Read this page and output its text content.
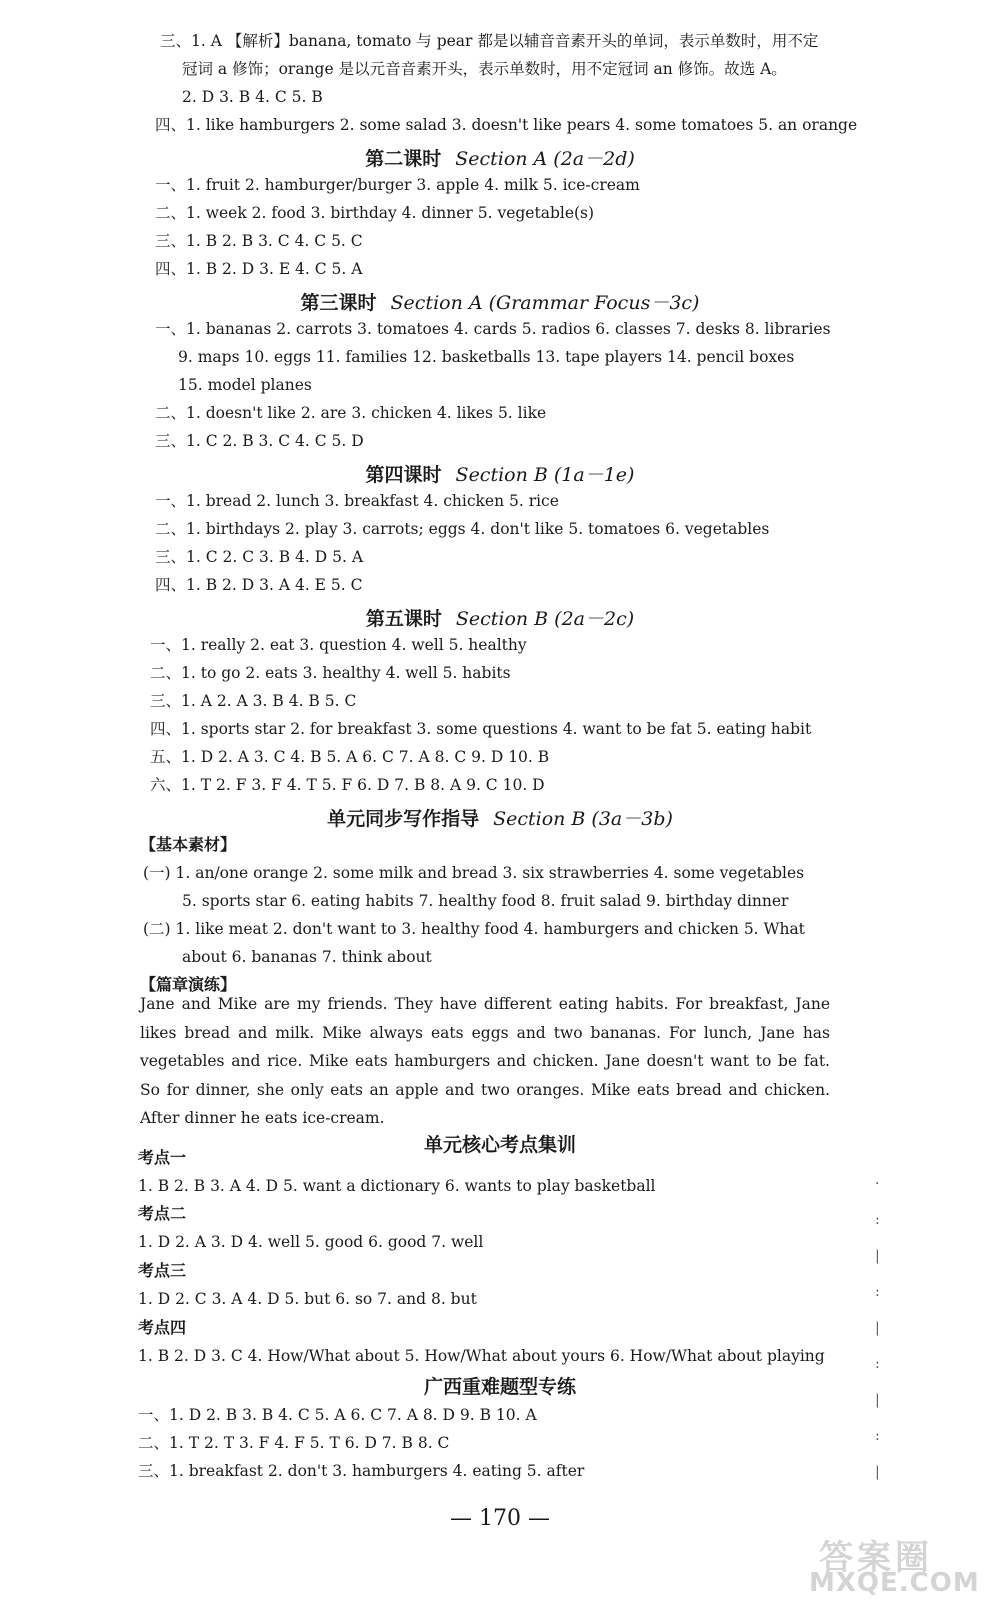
三、1. A 【解析】banana, tomato 与 pear 都是以辅音音素开头的单词，表示单数时，用不定
冠词 a 修饰；orange 是以元音音素开头，表示单数时，用不定冠词 an 修饰。故选 A。
2. D 3. B 4. C 5. B
四、1. like hamburgers 2. some salad 3. doesn't like pears 4. some tomatoes 5. an orange
一、1. fruit 2. hamburger/burger 3. apple 4. milk 5. ice-cream
二、1. week 2. food 3. birthday 4. dinner 5. vegetable(s)
三、1. B 2. B 3. C 4. C 5. C
四、1. B 2. D 3. E 4. C 5. A
一、1. bananas 2. carrots 3. tomatoes 4. cards 5. radios 6. classes 7. desks 8. libraries
9. maps 10. eggs 11. families 12. basketballs 13. tape players 14. pencil boxes
15. model planes
二、1. doesn't like 2. are 3. chicken 4. likes 5. like
三、1. C 2. B 3. C 4. C 5. D
一、1. bread 2. lunch 3. breakfast 4. chicken 5. rice
二、1. birthdays 2. play 3. carrots; eggs 4. don't like 5. tomatoes 6. vegetables
三、1. C 2. C 3. B 4. D 5. A
四、1. B 2. D 3. A 4. E 5. C
一、1. really 2. eat 3. question 4. well 5. healthy
二、1. to go 2. eats 3. healthy 4. well 5. habits
三、1. A 2. A 3. B 4. B 5. C
四、1. sports star 2. for breakfast 3. some questions 4. want to be fat 5. eating habit
五、1. D 2. A 3. C 4. B 5. A 6. C 7. A 8. C 9. D 10. B
六、1. T 2. F 3. F 4. T 5. F 6. D 7. B 8. A 9. C 10. D
(一) 1. an/one orange 2. some milk and bread 3. six strawberries 4. some vegetables
5. sports star 6. eating habits 7. healthy food 8. fruit salad 9. birthday dinner
(二) 1. like meat 2. don't want to 3. healthy food 4. hamburgers and chicken 5. What
about 6. bananas 7. think about
1. B 2. B 3. A 4. D 5. want a dictionary 6. wants to play basketball
1. D 2. A 3. D 4. well 5. good 6. good 7. well
1. D 2. C 3. A 4. D 5. but 6. so 7. and 8. but
1. B 2. D 3. C 4. How/What about 5. How/What about yours 6. How/What about playing
一、1. D 2. B 3. B 4. C 5. A 6. C 7. A 8. D 9. B 10. A
二、1. T 2. T 3. F 4. F 5. T 6. D 7. B 8. C
三、1. breakfast 2. don't 3. hamburgers 4. eating 5. after
第二课时 Section A (2a－2d)
第三课时 Section A (Grammar Focus－3c)
第四课时 Section B (1a－1e)
第五课时 Section B (2a－2c)
单元同步写作指导 Section B (3a－3b)
单元核心考点集训
广西重难题型专练
【基本素材】
【篇章演练】
考点一
考点二
考点三
考点四
Jane and Mike are my friends. They have different eating habits. For breakfast, Jane likes bread and milk. Mike always eats eggs and two bananas. For lunch, Jane has vegetables and rice. Mike eats hamburgers and chicken. Jane doesn't want to be fat. So for dinner, she only eats an apple and two oranges. Mike eats bread and chicken. After dinner he eats ice-cream.
·
:
|
:
|
:
|
:
|
— 170 —
答案圈
MXQE.COM
